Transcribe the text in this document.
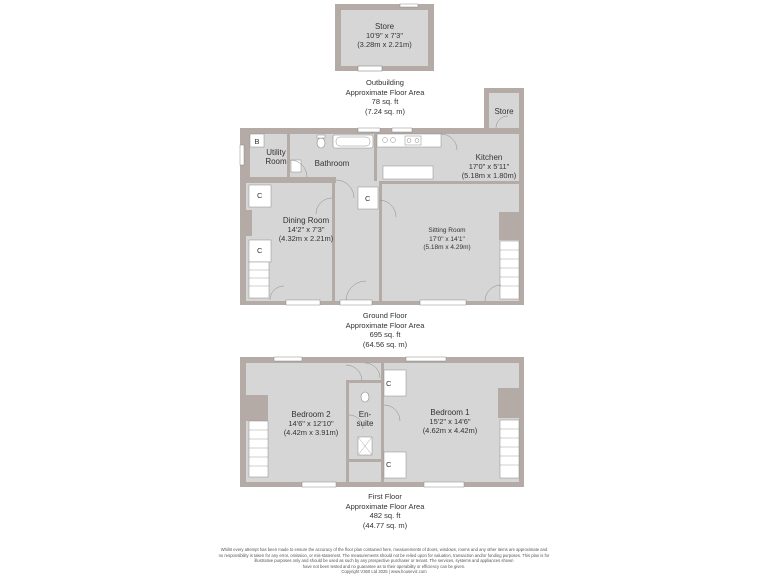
Store
10'9" x 7'3"
(3.28m x 2.21m)
Outbuilding
Approximate Floor Area
78 sq. ft
(7.24 sq. m)	Store
B
Utility
Room	Bathroom
Kitchen
17'0" x 5'11"
(5.18m x 1.80m)
Dining Room
14'2" x 7'3"
(4.32m x 2.21m)
Sitting Room
17'0" x 14'1"
(5.18m x 4.29m)
C
C
C
Ground Floor
Approximate Floor Area
695 sq. ft
(64.56 sq. m)
Bedroom 2
14'6" x 12'10"
(4.42m x 3.91m)
En-
suite
Bedroom 1
15'2" x 14'6"
(4.62m x 4.42m)
C
C
First Floor
Approximate Floor Area
482 sq. ft
(44.77 sq. m)
Whilst every attempt has been made to ensure the accuracy of the floor plan contained here, measurements of doors, windows, rooms and any other items are approximate and
no responsibility is taken for any error, omission, or mis-statement. The measurements should not be relied upon for valuation, transaction and/or funding purposes. This plan is for
illustrative purposes only and should be used as such by any prospective purchaser or tenant. The services, systems and appliances shown
have not been tested and no guarantee as to their operability or efficiency can be given.
Copyright V360 Ltd 2025 | www.houseviz.com
